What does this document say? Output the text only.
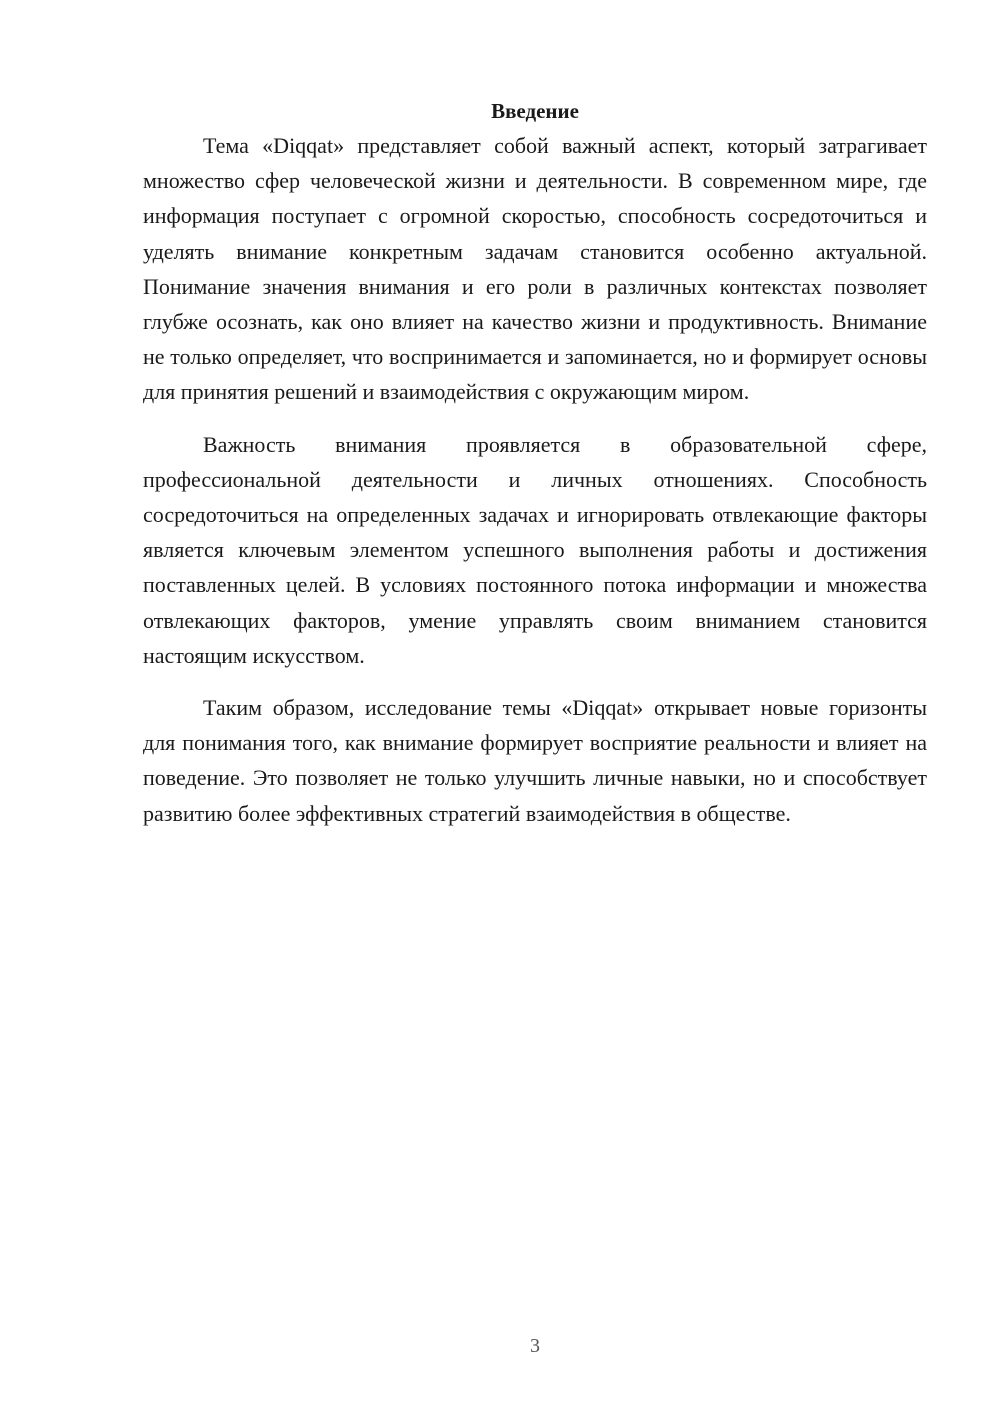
Введение

Тема «Diqqat» представляет собой важный аспект, который затрагивает множество сфер человеческой жизни и деятельности. В современном мире, где информация поступает с огромной скоростью, способность сосредоточиться и уделять внимание конкретным задачам становится особенно актуальной. Понимание значения внимания и его роли в различных контекстах позволяет глубже осознать, как оно влияет на качество жизни и продуктивность. Внимание не только определяет, что воспринимается и запоминается, но и формирует основы для принятия решений и взаимодействия с окружающим миром.

Важность внимания проявляется в образовательной сфере, профессиональной деятельности и личных отношениях. Способность сосредоточиться на определенных задачах и игнорировать отвлекающие факторы является ключевым элементом успешного выполнения работы и достижения поставленных целей. В условиях постоянного потока информации и множества отвлекающих факторов, умение управлять своим вниманием становится настоящим искусством.

Таким образом, исследование темы «Diqqat» открывает новые горизонты для понимания того, как внимание формирует восприятие реальности и влияет на поведение. Это позволяет не только улучшить личные навыки, но и способствует развитию более эффективных стратегий взаимодействия в обществе.

3
